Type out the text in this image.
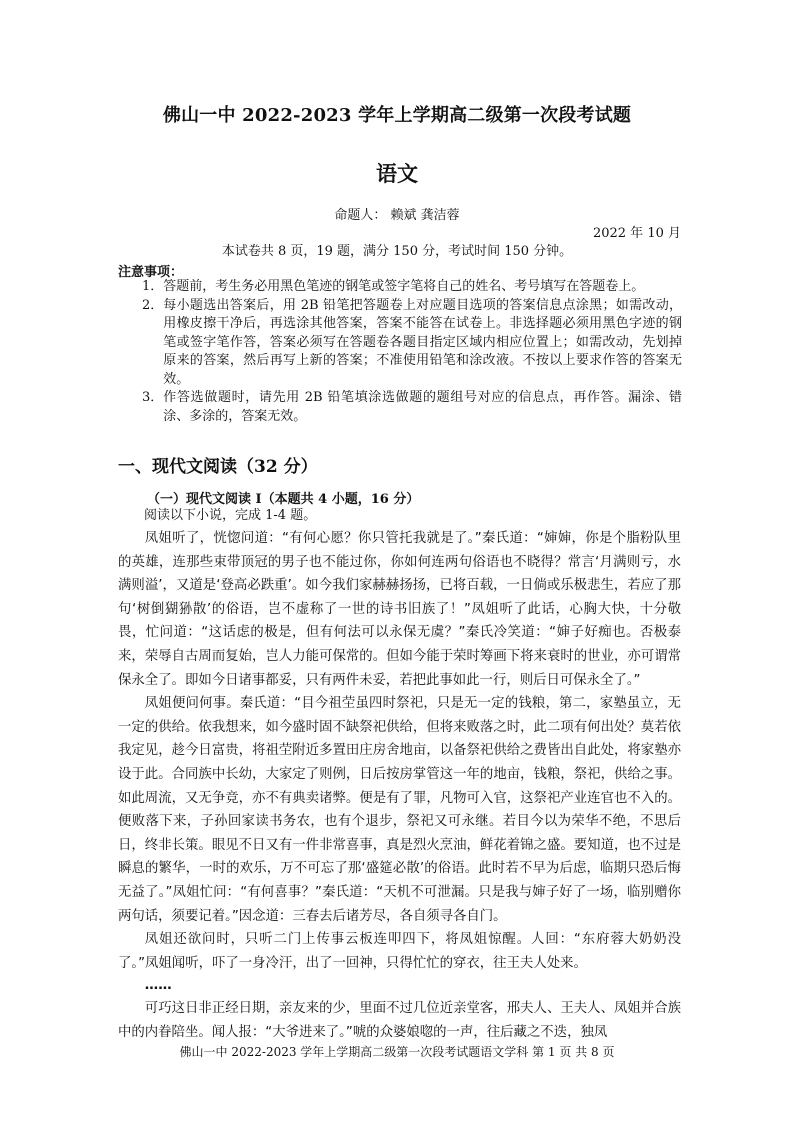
佛山一中 2022-2023 学年上学期高二级第一次段考试题
语文
命题人： 赖斌 龚洁蓉
2022 年 10 月
本试卷共 8 页，19 题，满分 150 分，考试时间 150 分钟。
注意事项：
1． 答题前，考生务必用黑色笔迹的钢笔或签字笔将自己的姓名、考号填写在答题卷上。
2． 每小题选出答案后，用 2B 铅笔把答题卷上对应题目选项的答案信息点涂黑；如需改动，用橡皮擦干净后，再选涂其他答案，答案不能答在试卷上。非选择题必须用黑色字迹的钢笔或签字笔作答，答案必须写在答题卷各题目指定区域内相应位置上；如需改动，先划掉原来的答案，然后再写上新的答案；不准使用铅笔和涂改液。不按以上要求作答的答案无效。
3． 作答选做题时，请先用 2B 铅笔填涂选做题的题组号对应的信息点，再作答。漏涂、错涂、多涂的，答案无效。
一、现代文阅读（32 分）
（一）现代文阅读 I（本题共 4 小题，16 分）

阅读以下小说，完成 1-4 题。

凤姐听了，恍惚问道：“有何心愿？你只管托我就是了。”秦氏道：“婶婶，你是个脂粉队里的英雄，连那些束带顶冠的男子也不能过你，你如何连两句俗语也不晓得？常言‘月满则亏，水满则溢’，又道是‘登高必跌重’。如今我们家赫赫扬扬，已将百载，一日倘或乐极悲生，若应了那句‘树倒猢狲散’的俗语，岂不虚称了一世的诗书旧族了！”凤姐听了此话，心胸大快，十分敬畏，忙问道：“这话虑的极是，但有何法可以永保无虞？”秦氏冷笑道：“婶子好痴也。否极泰来，荣辱自古周而复始，岂人力能可保常的。但如今能于荣时筹画下将来衰时的世业，亦可谓常保永全了。即如今日诸事都妥，只有两件未妥，若把此事如此一行，则后日可保永全了。”

凤姐便问何事。秦氏道：“目今祖茔虽四时祭祀，只是无一定的钱粮，第二，家塾虽立，无一定的供给。依我想来，如今盛时固不缺祭祀供给，但将来败落之时，此二项有何出处？莫若依我定见，趁今日富贵，将祖茔附近多置田庄房舍地亩，以备祭祀供给之费皆出自此处，将家塾亦设于此。合同族中长幼，大家定了则例，日后按房掌管这一年的地亩，钱粮，祭祀，供给之事。如此周流，又无争竞，亦不有典卖诸弊。便是有了罪，凡物可入官，这祭祀产业连官也不入的。便败落下来，子孙回家读书务农，也有个退步，祭祀又可永继。若目今以为荣华不绝，不思后日，终非长策。眼见不日又有一件非常喜事，真是烈火烹油，鲜花着锦之盛。要知道，也不过是瞬息的繁华，一时的欢乐，万不可忘了那‘盛筵必散’的俗语。此时若不早为后虑，临期只恐后悔无益了。”凤姐忙问：“有何喜事？”秦氏道：“天机不可泄漏。只是我与婶子好了一场，临别赠你两句话，须要记着。”因念道：三春去后诸芳尽，各自须寻各自门。

凤姐还欲问时，只听二门上传事云板连叩四下，将凤姐惊醒。人回：“东府蓉大奶奶没了。”凤姐闻听，吓了一身冷汗，出了一回神，只得忙忙的穿衣，往王夫人处来。

……

可巧这日非正经日期，亲友来的少，里面不过几位近亲堂客，邢夫人、王夫人、凤姐并合族中的内眷陪坐。闻人报：“大爷进来了。”唬的众婆娘唿的一声，往后藏之不迭，独凤

佛山一中 2022-2023 学年上学期高二级第一次段考试题语文学科 第 1 页 共 8 页
